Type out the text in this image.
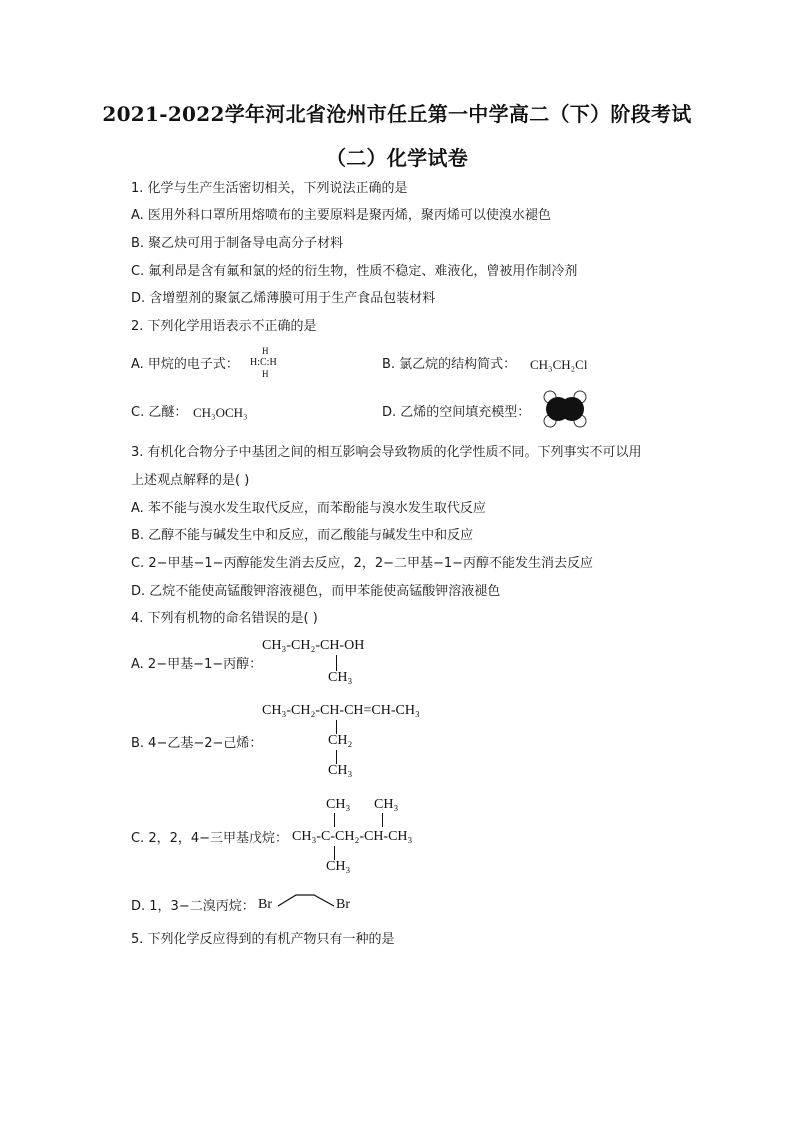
2021-2022学年河北省沧州市任丘第一中学高二（下）阶段考试
（二）化学试卷
1. 化学与生产生活密切相关，下列说法正确的是
A. 医用外科口罩所用熔喷布的主要原料是聚丙烯，聚丙烯可以使溴水褪色
B. 聚乙炔可用于制备导电高分子材料
C. 氟利昂是含有氟和氯的烃的衍生物，性质不稳定、难液化，曾被用作制冷剂
D. 含增塑剂的聚氯乙烯薄膜可用于生产食品包装材料
2. 下列化学用语表示不正确的是
A. 甲烷的电子式：
H
H:C:H
H
B. 氯乙烷的结构简式： CH₃CH₂Cl
C. 乙醚： CH₃OCH₃	D. 乙烯的空间填充模型：
3. 有机化合物分子中基团之间的相互影响会导致物质的化学性质不同。下列事实不可以用
上述观点解释的是( )
A. 苯不能与溴水发生取代反应，而苯酚能与溴水发生取代反应
B. 乙醇不能与碱发生中和反应，而乙酸能与碱发生中和反应
C. 2−甲基−1−丙醇能发生消去反应，2，2−二甲基−1−丙醇不能发生消去反应
D. 乙烷不能使高锰酸钾溶液褪色，而甲苯能使高锰酸钾溶液褪色
4. 下列有机物的命名错误的是( )
A. 2−甲基−1−丙醇：
CH₃-CH₂-CH-OH
CH₃
B. 4−乙基−2−己烯：
CH₃-CH₂-CH-CH=CH-CH₃
CH₂
CH₃
C. 2，2，4−三甲基戊烷：
CH₃ CH₃
CH₃-C-CH₂-CH-CH₃
CH₃
D. 1，3−二溴丙烷： Br	Br
5. 下列化学反应得到的有机产物只有一种的是
